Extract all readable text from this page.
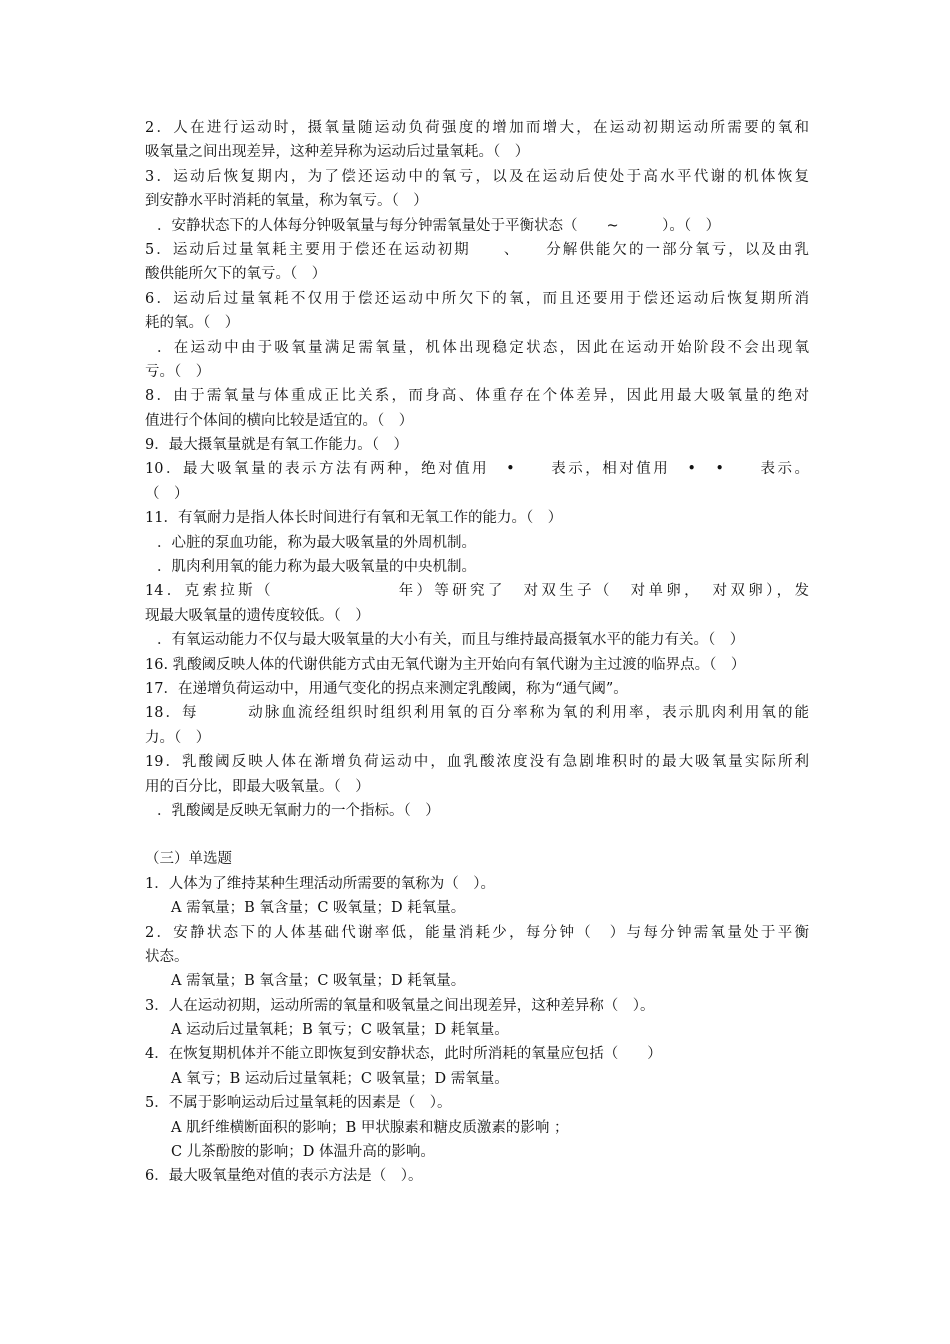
2．人在进行运动时，摄氧量随运动负荷强度的增加而增大，在运动初期运动所需要的氧和
吸氧量之间出现差异，这种差异称为运动后过量氧耗。（　）
3．运动后恢复期内，为了偿还运动中的氧亏，以及在运动后使处于高水平代谢的机体恢复
到安静水平时消耗的氧量，称为氧亏。（　）
．安静状态下的人体每分钟吸氧量与每分钟需氧量处于平衡状态（　　~　　　）。（　）
5．运动后过量氧耗主要用于偿还在运动初期　　、　　分解供能欠的一部分氧亏，以及由乳
酸供能所欠下的氧亏。（　）
6．运动后过量氧耗不仅用于偿还运动中所欠下的氧，而且还要用于偿还运动后恢复期所消
耗的氧。（　）
．在运动中由于吸氧量满足需氧量，机体出现稳定状态，因此在运动开始阶段不会出现氧
亏。（　）
8．由于需氧量与体重成正比关系，而身高、体重存在个体差异，因此用最大吸氧量的绝对
值进行个体间的横向比较是适宜的。（　）
9．最大摄氧量就是有氧工作能力。（　）
10．最大吸氧量的表示方法有两种，绝对值用　•　　表示，相对值用　•　•　　表示。
（　）
11．有氧耐力是指人体长时间进行有氧和无氧工作的能力。（　）
．心脏的泵血功能，称为最大吸氧量的外周机制。
．肌肉利用氧的能力称为最大吸氧量的中央机制。
14．克索拉斯（　　　　　　　年）等研究了　对双生子（　对单卵，　对双卵），发
现最大吸氧量的遗传度较低。（　）
．有氧运动能力不仅与最大吸氧量的大小有关，而且与维持最高摄氧水平的能力有关。（　）
16. 乳酸阈反映人体的代谢供能方式由无氧代谢为主开始向有氧代谢为主过渡的临界点。（　）
17．在递增负荷运动中，用通气变化的拐点来测定乳酸阈，称为“通气阈”。
18．每　　　动脉血流经组织时组织利用氧的百分率称为氧的利用率，表示肌肉利用氧的能
力。（　）
19．乳酸阈反映人体在渐增负荷运动中，血乳酸浓度没有急剧堆积时的最大吸氧量实际所利
用的百分比，即最大吸氧量。（　）
．乳酸阈是反映无氧耐力的一个指标。（　）
（三）单选题
1．人体为了维持某种生理活动所需要的氧称为（　）。
A 需氧量；B 氧含量；C 吸氧量；D 耗氧量。
2．安静状态下的人体基础代谢率低，能量消耗少，每分钟（　）与每分钟需氧量处于平衡
状态。
A 需氧量；B 氧含量；C 吸氧量；D 耗氧量。
3．人在运动初期，运动所需的氧量和吸氧量之间出现差异，这种差异称（　）。
A 运动后过量氧耗；B 氧亏；C 吸氧量；D 耗氧量。
4．在恢复期机体并不能立即恢复到安静状态，此时所消耗的氧量应包括（　　）
A 氧亏；B 运动后过量氧耗；C 吸氧量；D 需氧量。
5．不属于影响运动后过量氧耗的因素是（　）。
A 肌纤维横断面积的影响；B 甲状腺素和糖皮质激素的影响 ；
C 儿茶酚胺的影响；D 体温升高的影响。
6．最大吸氧量绝对值的表示方法是（　）。
